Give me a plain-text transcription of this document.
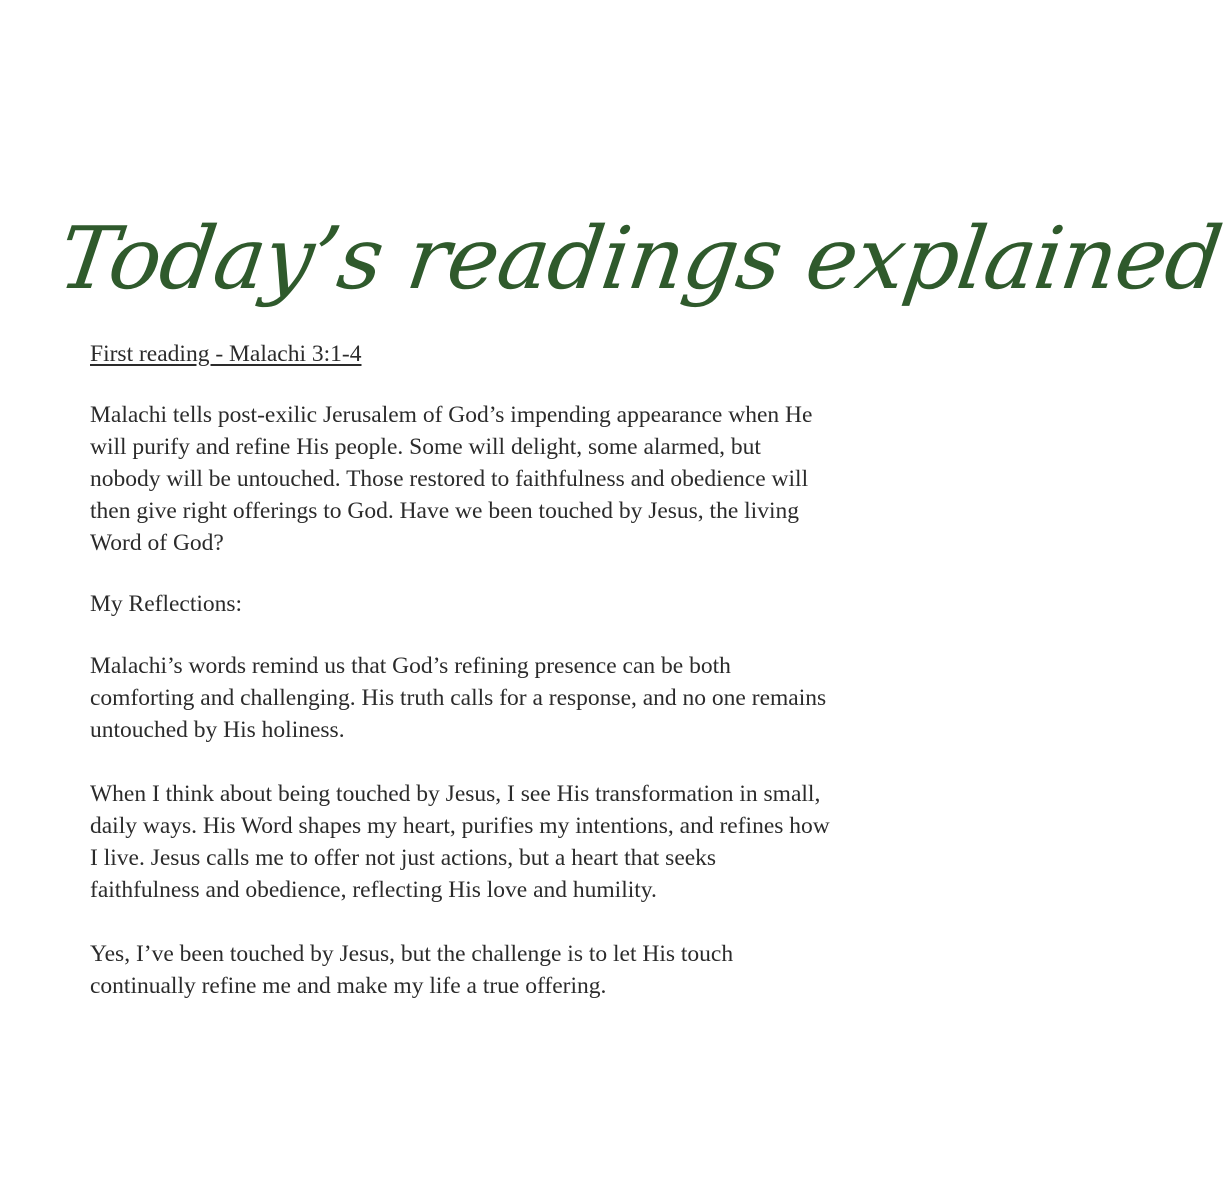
Today’s readings explained

First reading - Malachi 3:1-4

Malachi tells post-exilic Jerusalem of God’s impending appearance when He will purify and refine His people. Some will delight, some alarmed, but nobody will be untouched. Those restored to faithfulness and obedience will then give right offerings to God. Have we been touched by Jesus, the living Word of God?

My Reflections:

Malachi’s words remind us that God’s refining presence can be both comforting and challenging. His truth calls for a response, and no one remains untouched by His holiness.

When I think about being touched by Jesus, I see His transformation in small, daily ways. His Word shapes my heart, purifies my intentions, and refines how I live. Jesus calls me to offer not just actions, but a heart that seeks faithfulness and obedience, reflecting His love and humility.

Yes, I’ve been touched by Jesus, but the challenge is to let His touch continually refine me and make my life a true offering.
